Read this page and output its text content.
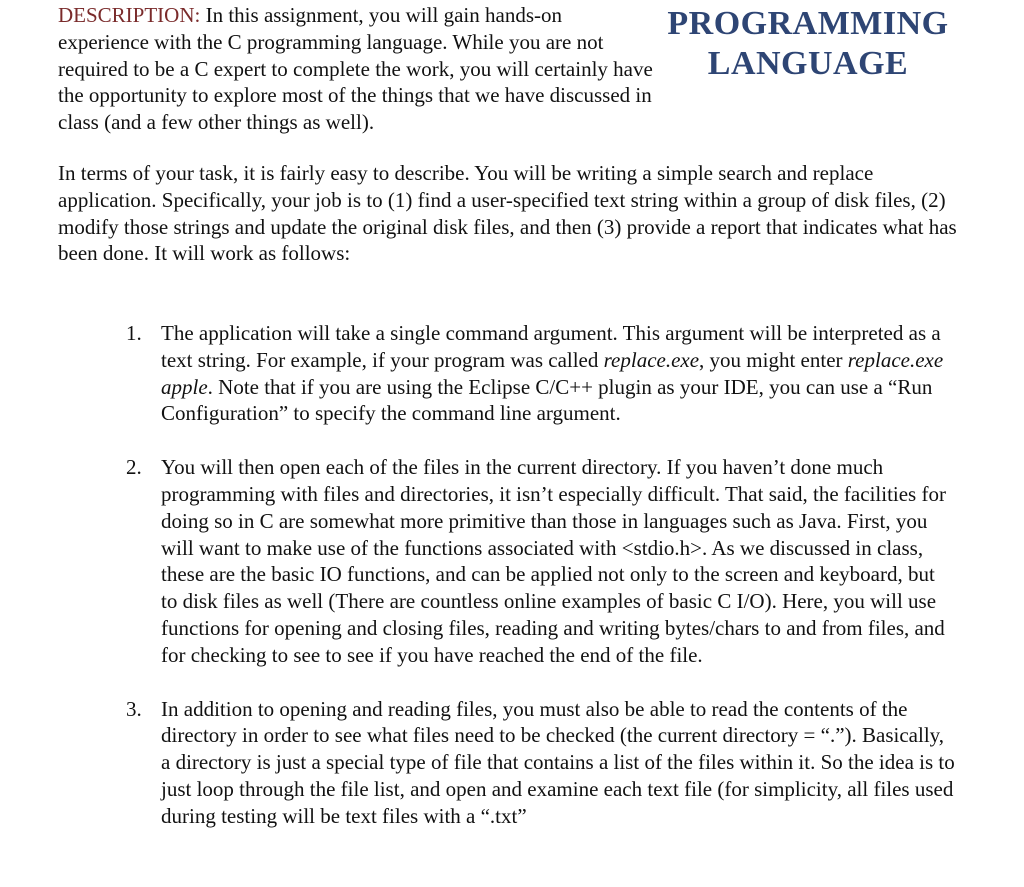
DESCRIPTION: In this assignment, you will gain hands-on experience with the C programming language. While you are not required to be a C expert to complete the work, you will certainly have the opportunity to explore most of the things that we have discussed in class (and a few other things as well).

PROGRAMMING
LANGUAGE

In terms of your task, it is fairly easy to describe. You will be writing a simple search and replace application. Specifically, your job is to (1) find a user-specified text string within a group of disk files, (2) modify those strings and update the original disk files, and then (3) provide a report that indicates what has been done. It will work as follows:

1. The application will take a single command argument. This argument will be interpreted as a text string. For example, if your program was called replace.exe, you might enter replace.exe apple. Note that if you are using the Eclipse C/C++ plugin as your IDE, you can use a “Run Configuration” to specify the command line argument.
2. You will then open each of the files in the current directory. If you haven’t done much programming with files and directories, it isn’t especially difficult. That said, the facilities for doing so in C are somewhat more primitive than those in languages such as Java. First, you will want to make use of the functions associated with <stdio.h>. As we discussed in class, these are the basic IO functions, and can be applied not only to the screen and keyboard, but to disk files as well (There are countless online examples of basic C I/O). Here, you will use functions for opening and closing files, reading and writing bytes/chars to and from files, and for checking to see to see if you have reached the end of the file.
3. In addition to opening and reading files, you must also be able to read the contents of the directory in order to see what files need to be checked (the current directory = “.”). Basically, a directory is just a special type of file that contains a list of the files within it. So the idea is to just loop through the file list, and open and examine each text file (for simplicity, all files used during testing will be text files with a “.txt”
